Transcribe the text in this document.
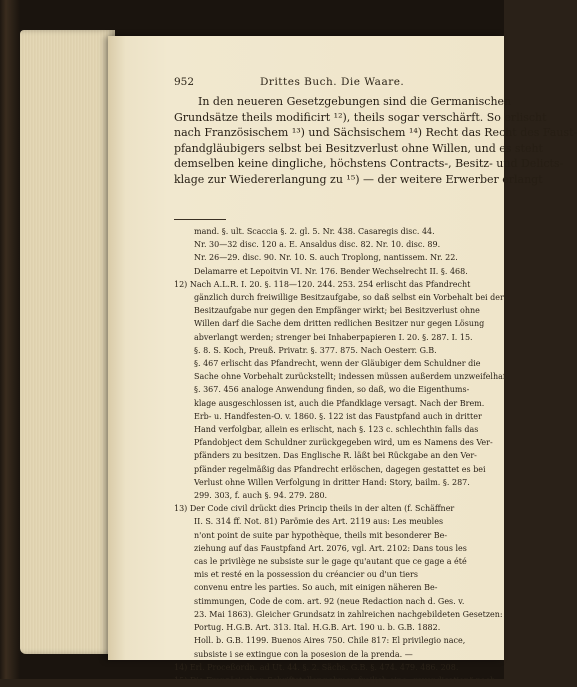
952	Drittes Buch. Die Waare.
In den neueren Gesetzgebungen sind die Germanischen
Grundsätze theils modificirt ¹²), theils sogar verschärft. So erlischt
nach Französischem ¹³) und Sächsischem ¹⁴) Recht das Recht des Faust-
pfandgläubigers selbst bei Besitzverlust ohne Willen, und es steht
demselben keine dingliche, höchstens Contracts-, Besitz- und Delicts-
klage zur Wiedererlangung zu ¹⁵) — der weitere Erwerber erlangt
mand. §. ult. Scaccia §. 2. gl. 5. Nr. 438. Casaregis disc. 44.
Nr. 30—32 disc. 120 a. E. Ansaldus disc. 82. Nr. 10. disc. 89.
Nr. 26—29. disc. 90. Nr. 10. S. auch Troplong, nantissem. Nr. 22.
Delamarre et Lepoitvin VI. Nr. 176. Bender Wechselrecht II. §. 468.
12) Nach A.L.R. I. 20. §. 118—120. 244. 253. 254 erlischt das Pfandrecht
gänzlich durch freiwillige Besitzaufgabe, so daß selbst ein Vorbehalt bei der
Besitzaufgabe nur gegen den Empfänger wirkt; bei Besitzverlust ohne
Willen darf die Sache dem dritten redlichen Besitzer nur gegen Lösung
abverlangt werden; strenger bei Inhaberpapieren I. 20. §. 287. I. 15.
§. 8. S. Koch, Preuß. Privatr. §. 377. 875. Nach Oesterr. G.B.
§. 467 erlischt das Pfandrecht, wenn der Gläubiger dem Schuldner die
Sache ohne Vorbehalt zurückstellt; indessen müssen außerdem unzweifelhaft
§. 367. 456 analoge Anwendung finden, so daß, wo die Eigenthums-
klage ausgeschlossen ist, auch die Pfandklage versagt. Nach der Brem.
Erb- u. Handfesten-O. v. 1860. §. 122 ist das Faustpfand auch in dritter
Hand verfolgbar, allein es erlischt, nach §. 123 c. schlechthin falls das
Pfandobject dem Schuldner zurückgegeben wird, um es Namens des Ver-
pfänders zu besitzen. Das Englische R. läßt bei Rückgabe an den Ver-
pfänder regelmäßig das Pfandrecht erlöschen, dagegen gestattet es bei
Verlust ohne Willen Verfolgung in dritter Hand: Story, bailm. §. 287.
299. 303, f. auch §. 94. 279. 280.
13) Der Code civil drückt dies Princip theils in der alten (f. Schäffner
II. S. 314 ff. Not. 81) Parömie des Art. 2119 aus: Les meubles
n'ont point de suite par hypothèque, theils mit besonderer Be-
ziehung auf das Faustpfand Art. 2076, vgl. Art. 2102: Dans tous les
cas le privilège ne subsiste sur le gage qu'autant que ce gage a été
mis et resté en la possession du créancier ou d'un tiers
convenu entre les parties. So auch, mit einigen näheren Be-
stimmungen, Code de com. art. 92 (neue Redaction nach d. Ges. v.
23. Mai 1863). Gleicher Grundsatz in zahlreichen nachgebildeten Gesetzen:
Portug. H.G.B. Art. 313. Ital. H.G.B. Art. 190 u. b. G.B. 1882.
Holl. b. G.B. 1199. Buenos Aires 750. Chile 817: El privilegio nace,
subsiste i se extingue con la posesion de la prenda. —
14) Erl. Proceßordn. ad Ut. 44. §. 2. Sächs. G.B. §. 474. 479. 486. 208.
15) Die Französischen Schriftsteller nehmen freilich eine „revendication“ nach
